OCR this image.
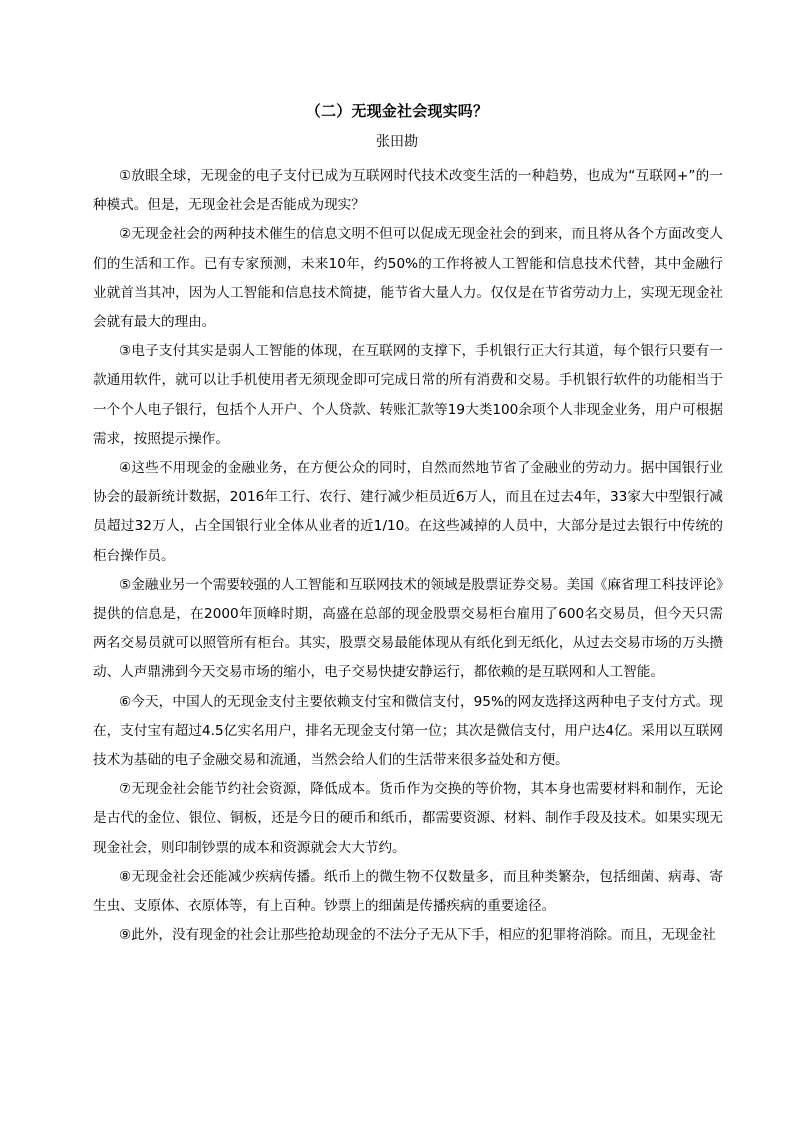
（二）无现金社会现实吗？
张田勘

①放眼全球，无现金的电子支付已成为互联网时代技术改变生活的一种趋势，也成为“互联网+”的一种模式。但是，无现金社会是否能成为现实？

②无现金社会的两种技术催生的信息文明不但可以促成无现金社会的到来，而且将从各个方面改变人们的生活和工作。已有专家预测，未来10年，约50%的工作将被人工智能和信息技术代替，其中金融行业就首当其冲，因为人工智能和信息技术简捷，能节省大量人力。仅仅是在节省劳动力上，实现无现金社会就有最大的理由。

③电子支付其实是弱人工智能的体现，在互联网的支撑下，手机银行正大行其道，每个银行只要有一款通用软件，就可以让手机使用者无须现金即可完成日常的所有消费和交易。手机银行软件的功能相当于一个个人电子银行，包括个人开户、个人贷款、转账汇款等19大类100余项个人非现金业务，用户可根据需求，按照提示操作。

④这些不用现金的金融业务，在方便公众的同时，自然而然地节省了金融业的劳动力。据中国银行业协会的最新统计数据，2016年工行、农行、建行减少柜员近6万人，而且在过去4年，33家大中型银行减员超过32万人，占全国银行业全体从业者的近1/10。在这些减掉的人员中，大部分是过去银行中传统的柜台操作员。

⑤金融业另一个需要较强的人工智能和互联网技术的领域是股票证券交易。美国《麻省理工科技评论》提供的信息是，在2000年顶峰时期，高盛在总部的现金股票交易柜台雇用了600名交易员，但今天只需两名交易员就可以照管所有柜台。其实，股票交易最能体现从有纸化到无纸化，从过去交易市场的万头攒动、人声鼎沸到今天交易市场的缩小，电子交易快捷安静运行，都依赖的是互联网和人工智能。

⑥今天，中国人的无现金支付主要依赖支付宝和微信支付，95%的网友选择这两种电子支付方式。现在，支付宝有超过4.5亿实名用户，排名无现金支付第一位；其次是微信支付，用户达4亿。采用以互联网技术为基础的电子金融交易和流通，当然会给人们的生活带来很多益处和方便。

⑦无现金社会能节约社会资源，降低成本。货币作为交换的等价物，其本身也需要材料和制作，无论是古代的金位、银位、铜板，还是今日的硬币和纸币，都需要资源、材料、制作手段及技术。如果实现无现金社会，则印制钞票的成本和资源就会大大节约。

⑧无现金社会还能减少疾病传播。纸币上的微生物不仅数量多，而且种类繁杂，包括细菌、病毒、寄生虫、支原体、衣原体等，有上百种。钞票上的细菌是传播疾病的重要途径。

⑨此外，没有现金的社会让那些抢劫现金的不法分子无从下手，相应的犯罪将消除。而且，无现金社
